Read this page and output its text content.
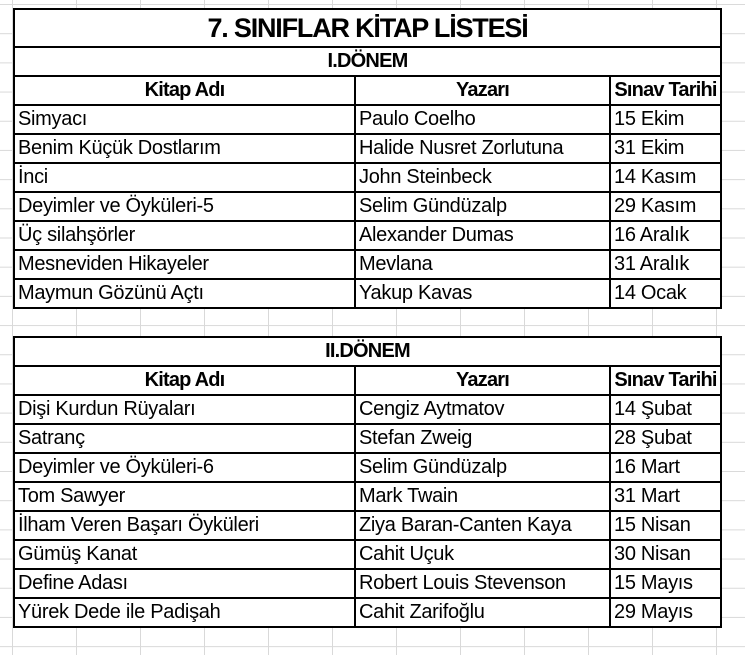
7. SINIFLAR KİTAP LİSTESİ		
I.DÖNEM		
Kitap Adı	Yazarı	Sınav Tarihi
Simyacı	Paulo Coelho	15 Ekim
Benim Küçük Dostlarım	Halide Nusret Zorlutuna	31 Ekim
İnci	John Steinbeck	14 Kasım
Deyimler ve Öyküleri-5	Selim Gündüzalp	29 Kasım
Üç silahşörler	Alexander Dumas	16 Aralık
Mesneviden Hikayeler	Mevlana	31 Aralık
Maymun Gözünü Açtı	Yakup Kavas	14 Ocak
II.DÖNEM		
Kitap Adı	Yazarı	Sınav Tarihi
Dişi Kurdun Rüyaları	Cengiz Aytmatov	14 Şubat
Satranç	Stefan Zweig	28 Şubat
Deyimler ve Öyküleri-6	Selim Gündüzalp	16 Mart
Tom Sawyer	Mark Twain	31 Mart
İlham Veren Başarı Öyküleri	Ziya Baran-Canten Kaya	15 Nisan
Gümüş Kanat	Cahit Uçuk	30 Nisan
Define Adası	Robert Louis Stevenson	15 Mayıs
Yürek Dede ile Padişah	Cahit Zarifoğlu	29 Mayıs
